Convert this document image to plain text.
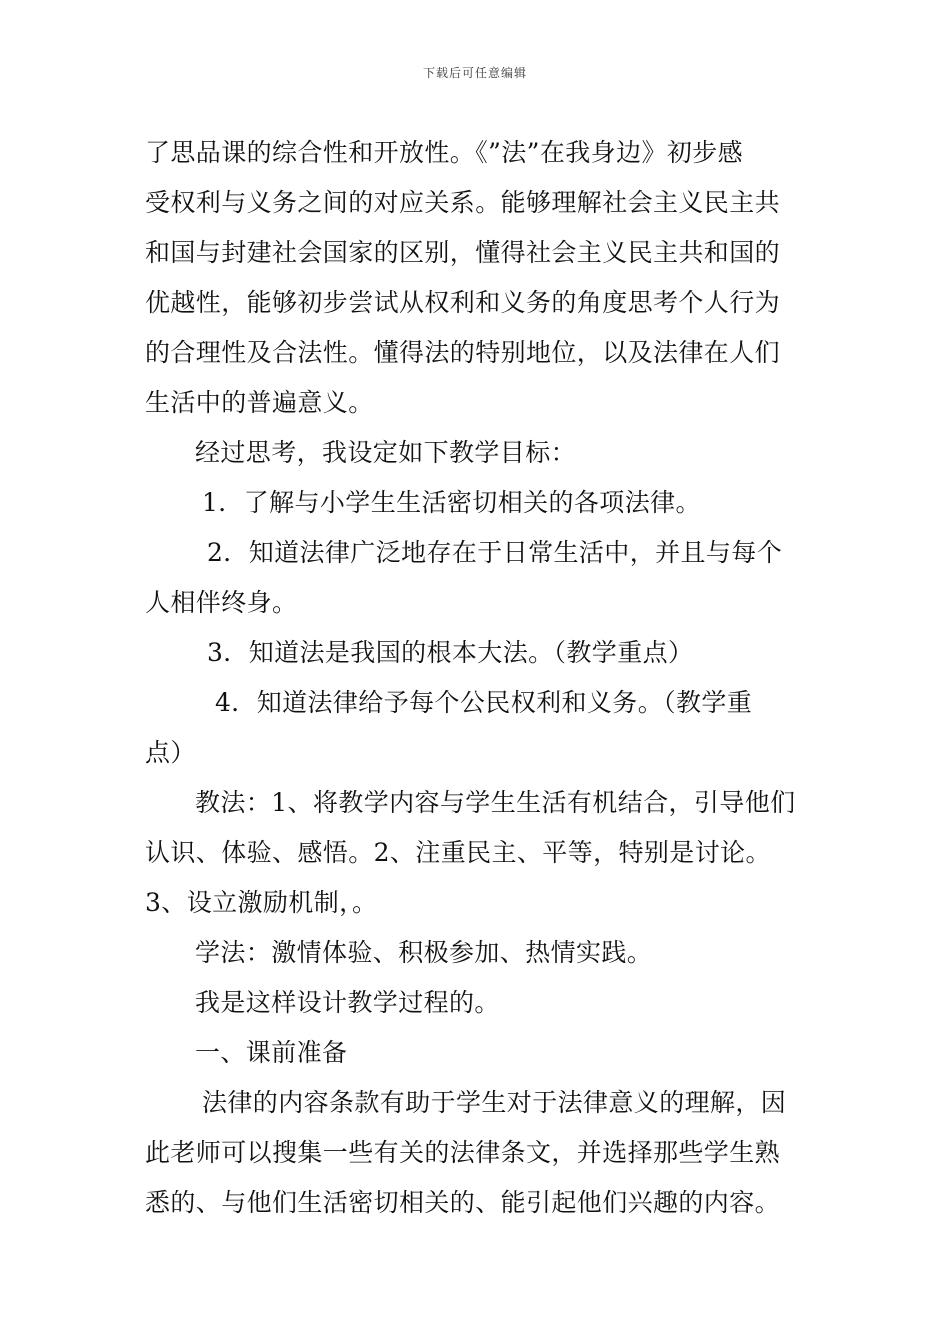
下载后可任意编辑
了思品课的综合性和开放性。《”法”在我身边》初步感
受权利与义务之间的对应关系。能够理解社会主义民主共
和国与封建社会国家的区别，懂得社会主义民主共和国的
优越性，能够初步尝试从权利和义务的角度思考个人行为
的合理性及合法性。懂得法的特别地位，以及法律在人们
生活中的普遍意义。
经过思考，我设定如下教学目标：
1．了解与小学生生活密切相关的各项法律。
2．知道法律广泛地存在于日常生活中，并且与每个
人相伴终身。
3．知道法是我国的根本大法。（教学重点）
4．知道法律给予每个公民权利和义务。（教学重
点）
教法：1、将教学内容与学生生活有机结合，引导他们
认识、体验、感悟。2、注重民主、平等，特别是讨论。
3、设立激励机制，。
学法：激情体验、积极参加、热情实践。
我是这样设计教学过程的。
一、课前准备
法律的内容条款有助于学生对于法律意义的理解，因
此老师可以搜集一些有关的法律条文，并选择那些学生熟
悉的、与他们生活密切相关的、能引起他们兴趣的内容。
